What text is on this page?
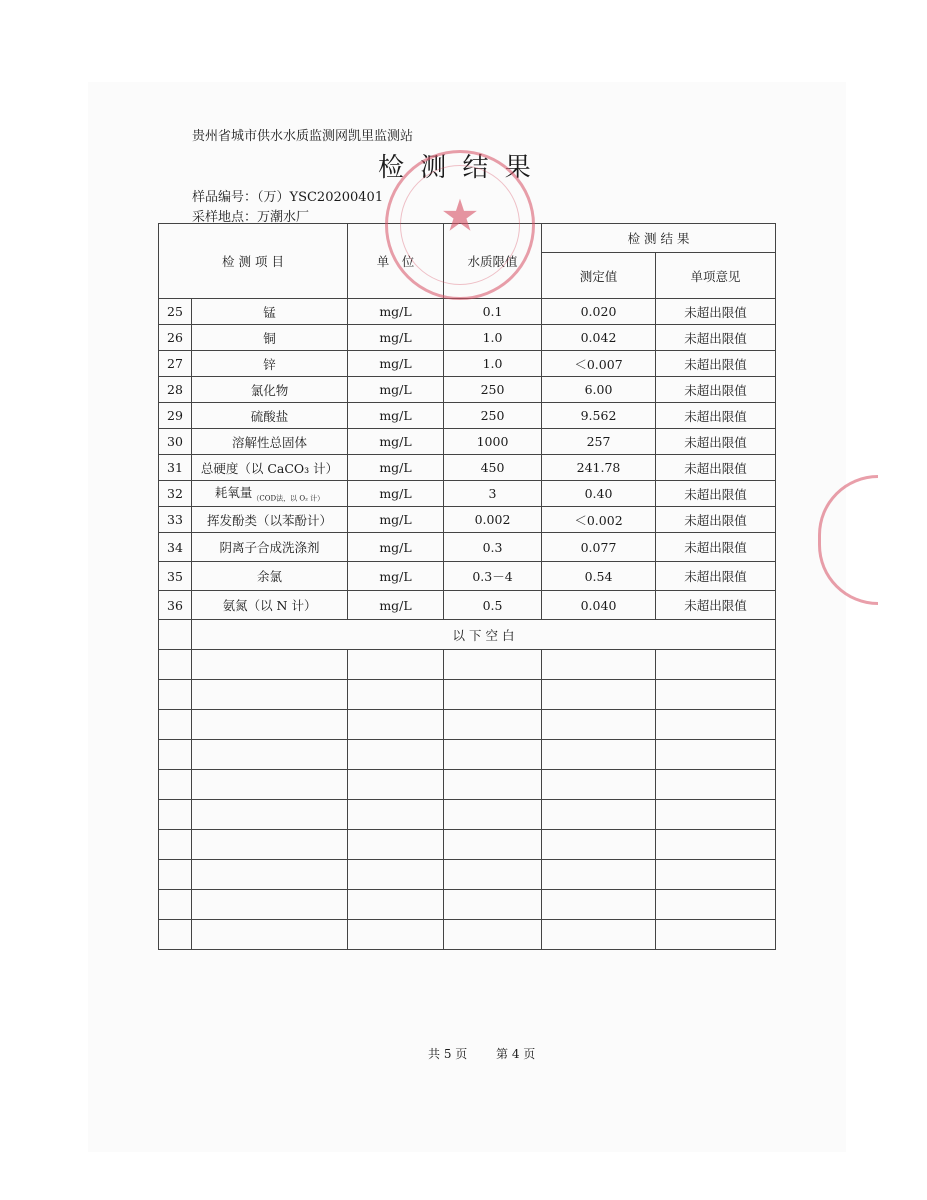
贵州省城市供水水质监测网凯里监测站
检 测 结 果
样品编号：（万）YSC20200401
采样地点：万潮水厂
检 测 项 目		单　位	水质限值	检 测 结 果	
				测定值	单项意见
25	锰	mg/L	0.1	0.020	未超出限值
26	铜	mg/L	1.0	0.042	未超出限值
27	锌	mg/L	1.0	＜0.007	未超出限值
28	氯化物	mg/L	250	6.00	未超出限值
29	硫酸盐	mg/L	250	9.562	未超出限值
30	溶解性总固体	mg/L	1000	257	未超出限值
31	总硬度（以 CaCO₃ 计）	mg/L	450	241.78	未超出限值
32	耗氧量$_{(COD法,以 O_2 计)}$	mg/L	3	0.40	未超出限值
33	挥发酚类（以苯酚计）	mg/L	0.002	＜0.002	未超出限值
34	阴离子合成洗涤剂	mg/L	0.3	0.077	未超出限值
35	余氯	mg/L	0.3－4	0.54	未超出限值
36	氨氮（以 N 计）	mg/L	0.5	0.040	未超出限值
	以 下 空 白				

★
共 5 页 第 4 页
